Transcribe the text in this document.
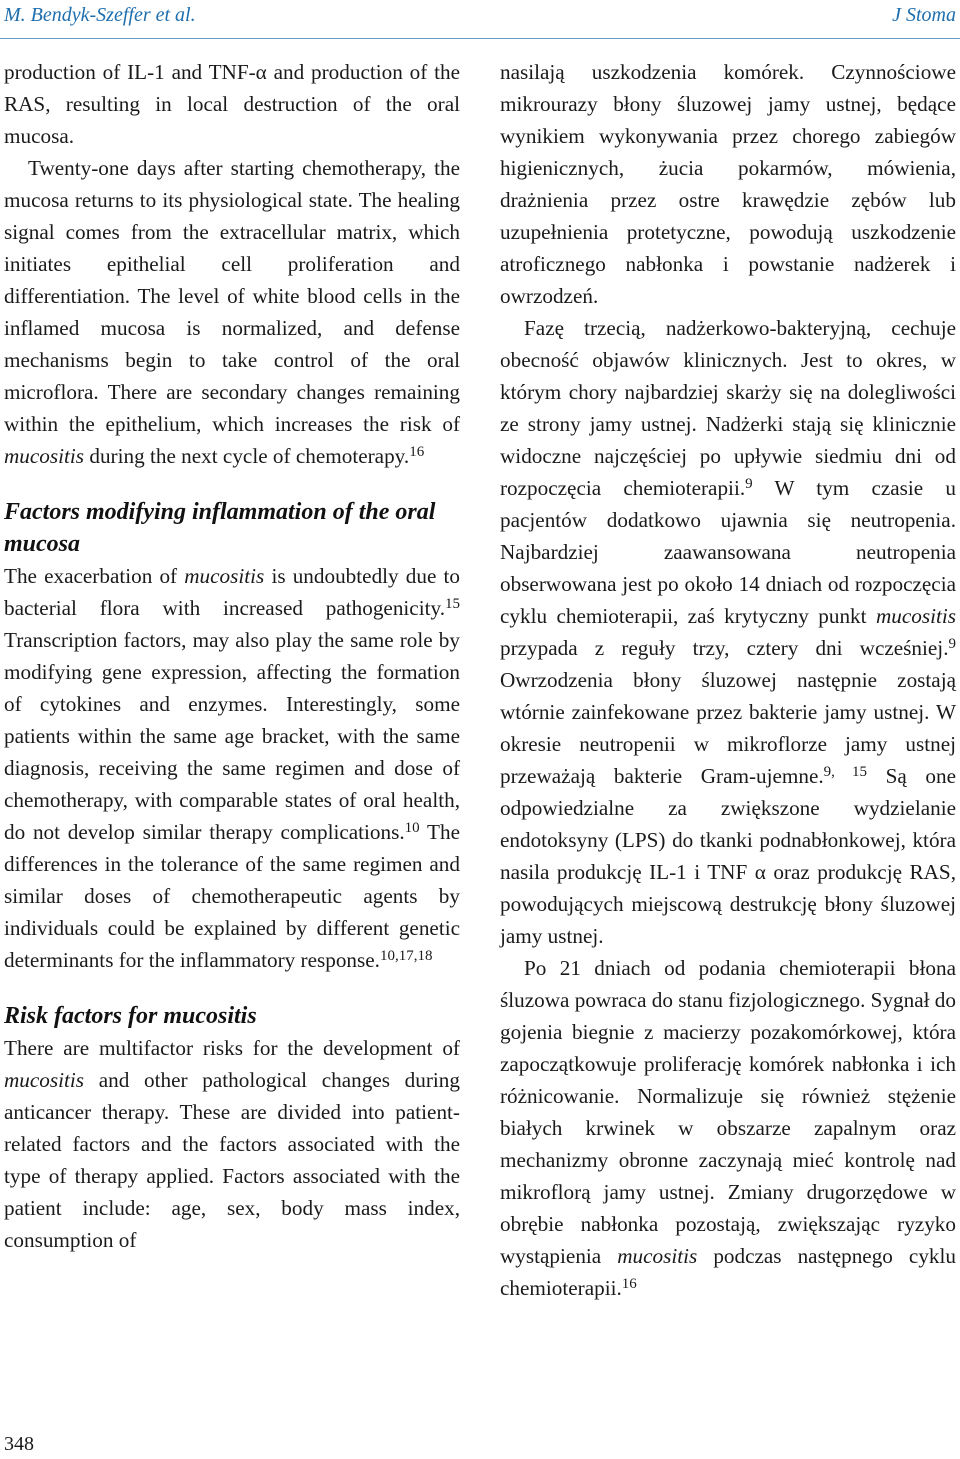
M. Bendyk-Szeffer et al.	J Stoma

production of IL-1 and TNF-α and production of the RAS, resulting in local destruction of the oral mucosa.

Twenty-one days after starting chemotherapy, the mucosa returns to its physiological state. The healing signal comes from the extracellular matrix, which initiates epithelial cell proliferation and differentiation. The level of white blood cells in the inflamed mucosa is normalized, and defense mechanisms begin to take control of the oral microflora. There are secondary changes remaining within the epithelium, which increases the risk of mucositis during the next cycle of chemoterapy.$^{16}$

Factors modifying inflammation of the oral mucosa

The exacerbation of mucositis is undoubtedly due to bacterial flora with increased pathogenicity.$^{15}$ Transcription factors, may also play the same role by modifying gene expression, affecting the formation of cytokines and enzymes. Interestingly, some patients within the same age bracket, with the same diagnosis, receiving the same regimen and dose of chemotherapy, with comparable states of oral health, do not develop similar therapy complications.$^{10}$ The differences in the tolerance of the same regimen and similar doses of chemotherapeutic agents by individuals could be explained by different genetic determinants for the inflammatory response.$^{10,17,18}$

Risk factors for mucositis

There are multifactor risks for the development of mucositis and other pathological changes during anticancer therapy. These are divided into patient-related factors and the factors associated with the type of therapy applied. Factors associated with the patient include: age, sex, body mass index, consumption of

nasilają uszkodzenia komórek. Czynnościowe mikrourazy błony śluzowej jamy ustnej, będące wynikiem wykonywania przez chorego zabiegów higienicznych, żucia pokarmów, mówienia, drażnienia przez ostre krawędzie zębów lub uzupełnienia protetyczne, powodują uszkodzenie atroficznego nabłonka i powstanie nadżerek i owrzodzeń.

Fazę trzecią, nadżerkowo-bakteryjną, cechuje obecność objawów klinicznych. Jest to okres, w którym chory najbardziej skarży się na dolegliwości ze strony jamy ustnej. Nadżerki stają się klinicznie widoczne najczęściej po upływie siedmiu dni od rozpoczęcia chemioterapii.$^9$ W tym czasie u pacjentów dodatkowo ujawnia się neutropenia. Najbardziej zaawansowana neutropenia obserwowana jest po około 14 dniach od rozpoczęcia cyklu chemioterapii, zaś krytyczny punkt mucositis przypada z reguły trzy, cztery dni wcześniej.$^9$ Owrzodzenia błony śluzowej następnie zostają wtórnie zainfekowane przez bakterie jamy ustnej. W okresie neutropenii w mikroflorze jamy ustnej przeważają bakterie Gram-ujemne.$^{9, 15}$ Są one odpowiedzialne za zwiększone wydzielanie endotoksyny (LPS) do tkanki podnabłonkowej, która nasila produkcję IL-1 i TNF α oraz produkcję RAS, powodujących miejscową destrukcję błony śluzowej jamy ustnej.

Po 21 dniach od podania chemioterapii błona śluzowa powraca do stanu fizjologicznego. Sygnał do gojenia biegnie z macierzy pozakomórkowej, która zapoczątkowuje proliferację komórek nabłonka i ich różnicowanie. Normalizuje się również stężenie białych krwinek w obszarze zapalnym oraz mechanizmy obronne zaczynają mieć kontrolę nad mikroflorą jamy ustnej. Zmiany drugorzędowe w obrębie nabłonka pozostają, zwiększając ryzyko wystąpienia mucositis podczas następnego cyklu chemioterapii.$^{16}$

348
